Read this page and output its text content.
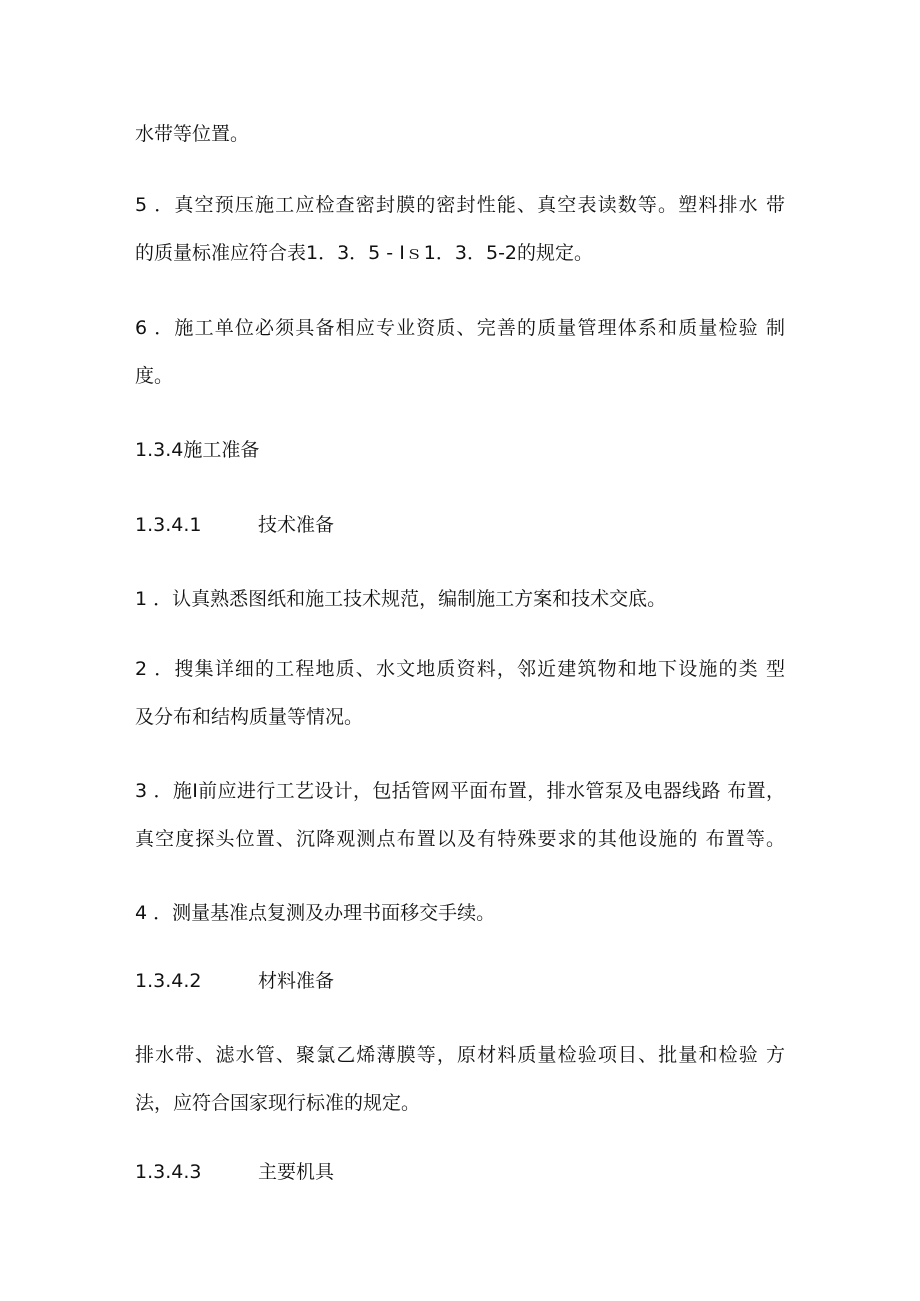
水带等位置。
5 ．真空预压施工应检查密封膜的密封性能、真空表读数等。塑料排水 带
的质量标准应符合表1．3．5 - Iｓ1．3．5-2的规定。
6 ．施工单位必须具备相应专业资质、完善的质量管理体系和质量检验 制
度。
1.3.4施工准备
1.3.4.1	技术准备
1 ．认真熟悉图纸和施工技术规范，编制施工方案和技术交底。
2 ．搜集详细的工程地质、水文地质资料，邻近建筑物和地下设施的类 型
及分布和结构质量等情况。
3 ．施I前应进行工艺设计，包括管网平面布置，排水管泵及电器线路 布置，
真空度探头位置、沉降观测点布置以及有特殊要求的其他设施的 布置等。
4 ．测量基准点复测及办理书面移交手续。
1.3.4.2	材料准备
排水带、滤水管、聚氯乙烯薄膜等，原材料质量检验项目、批量和检验 方
法，应符合国家现行标准的规定。
1.3.4.3	主要机具
